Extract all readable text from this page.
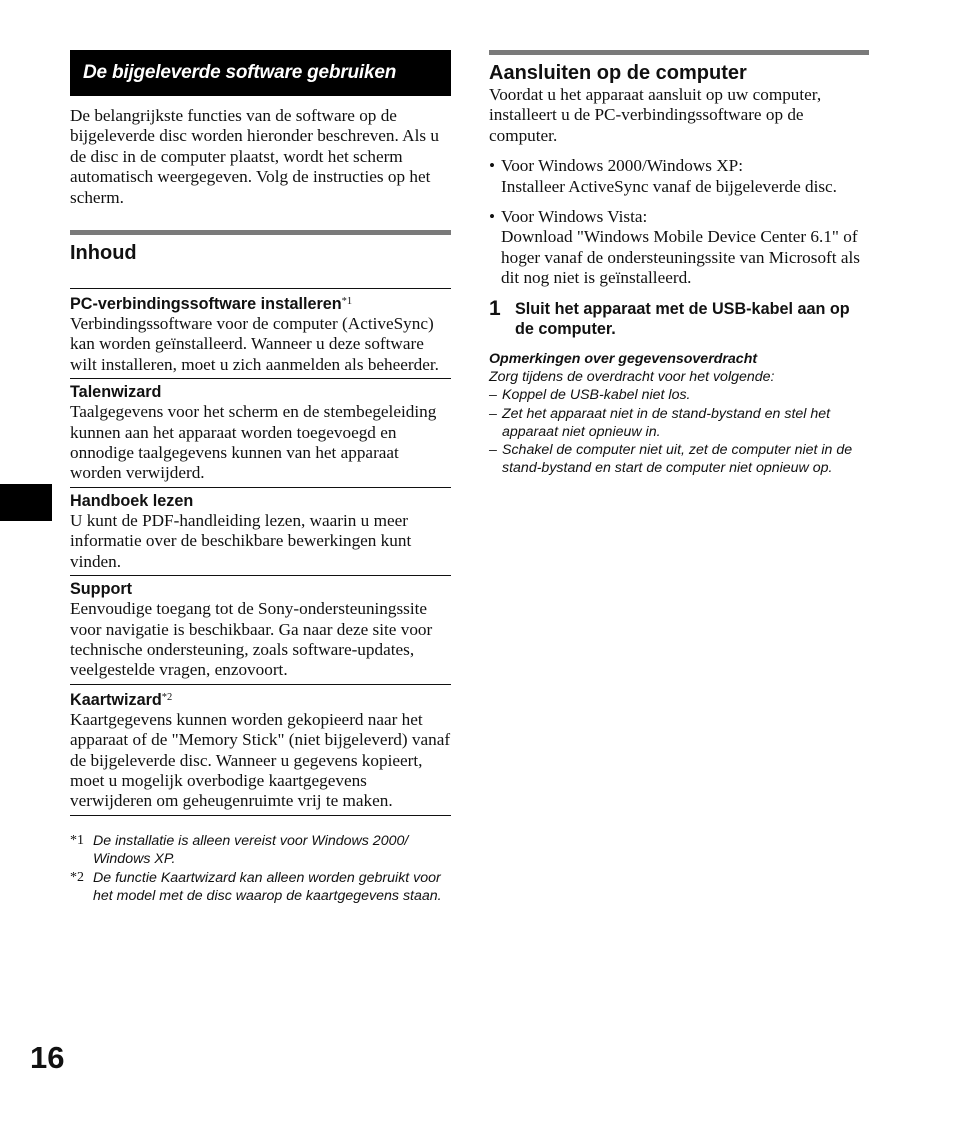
De bijgeleverde software gebruiken
De belangrijkste functies van de software op de bijgeleverde disc worden hieronder beschreven. Als u de disc in de computer plaatst, wordt het scherm automatisch weergegeven. Volg de instructies op het scherm.
Inhoud
PC-verbindingssoftware installeren$^{*1}$
Verbindingssoftware voor de computer (ActiveSync) kan worden geïnstalleerd. Wanneer u deze software wilt installeren, moet u zich aanmelden als beheerder.
Talenwizard
Taalgegevens voor het scherm en de stembegeleiding kunnen aan het apparaat worden toegevoegd en onnodige taalgegevens kunnen van het apparaat worden verwijderd.
Handboek lezen
U kunt de PDF-handleiding lezen, waarin u meer informatie over de beschikbare bewerkingen kunt vinden.
Support
Eenvoudige toegang tot de Sony-ondersteuningssite voor navigatie is beschikbaar. Ga naar deze site voor technische ondersteuning, zoals software-updates, veelgestelde vragen, enzovoort.
Kaartwizard$^{*2}$
Kaartgegevens kunnen worden gekopieerd naar het apparaat of de "Memory Stick" (niet bijgeleverd) vanaf de bijgeleverde disc. Wanneer u gegevens kopieert, moet u mogelijk overbodige kaartgegevens verwijderen om geheugenruimte vrij te maken.
*1 De installatie is alleen vereist voor Windows 2000/ Windows XP.
*2 De functie Kaartwizard kan alleen worden gebruikt voor het model met de disc waarop de kaartgegevens staan.
Aansluiten op de computer
Voordat u het apparaat aansluit op uw computer, installeert u de PC-verbindingssoftware op de computer.
• Voor Windows 2000/Windows XP:
Installeer ActiveSync vanaf de bijgeleverde disc.
• Voor Windows Vista:
Download "Windows Mobile Device Center 6.1" of hoger vanaf de ondersteuningssite van Microsoft als dit nog niet is geïnstalleerd.
1 Sluit het apparaat met de USB-kabel aan op de computer.
Opmerkingen over gegevensoverdracht
Zorg tijdens de overdracht voor het volgende:
– Koppel de USB-kabel niet los.
– Zet het apparaat niet in de stand-bystand en stel het apparaat niet opnieuw in.
– Schakel de computer niet uit, zet de computer niet in de stand-bystand en start de computer niet opnieuw op.
16
